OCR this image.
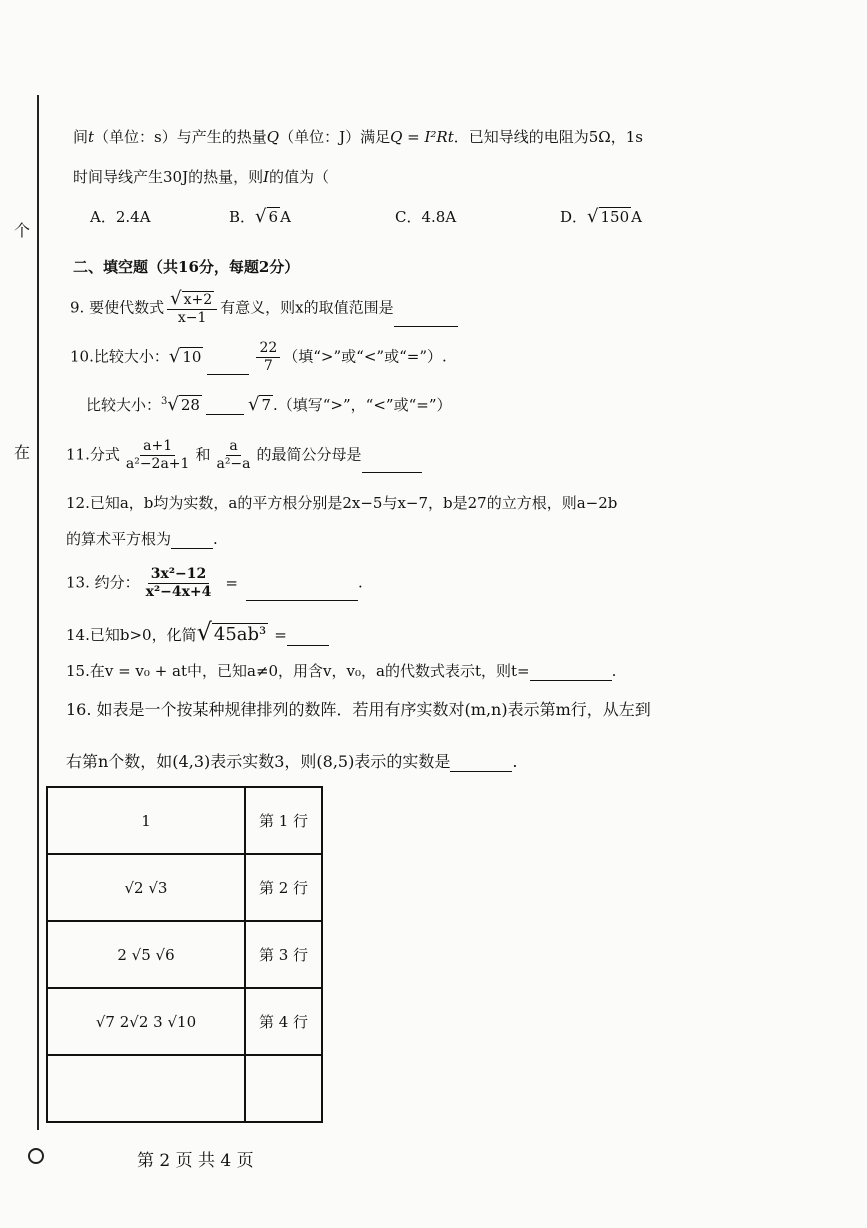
个
在
间t（单位：s）与产生的热量Q（单位：J）满足Q = I²Rt．已知导线的电阻为5Ω，1s
时间导线产生30J的热量，则I的值为（
A．2.4A	B．√ 6 A	C．4.8A	D．√ 150 A
二、填空题（共16分，每题2分）
9. 要使代数式 $\frac{√ x+2}{x-1}$ 有意义，则x的取值范围是
10.比较大小：√ 10	$\frac{22}{7}$ （填“>”或“<”或“=”）.
比较大小：$^3$√ 28	√ 7 .（填写“>”，“<”或“=”）
11.分式 $\frac{a+1}{\text{a²−2a+1}}$ 和 $\frac{a}{\text{a²−a}}$ 的最简公分母是
12.已知a，b均为实数，a的平方根分别是2x−5与x−7，b是27的立方根，则a−2b
的算术平方根为	.
13. 约分： $\frac{\text{3x²−12}}{\text{x²−4x+4}}$ =	.
14.已知b>0，化简√ 45ab³ =
15.在v = v₀ + at中，已知a≠0，用含v，v₀，a的代数式表示t，则t=	.
16. 如表是一个按某种规律排列的数阵．若用有序实数对(m,n)表示第m行，从左到
右第n个数，如(4,3)表示实数3，则(8,5)表示的实数是	.
1	第 1 行
√2 √3	第 2 行
2 √5 √6	第 3 行
√7 2√2 3 √10	第 4 行

第 2 页 共 4 页
